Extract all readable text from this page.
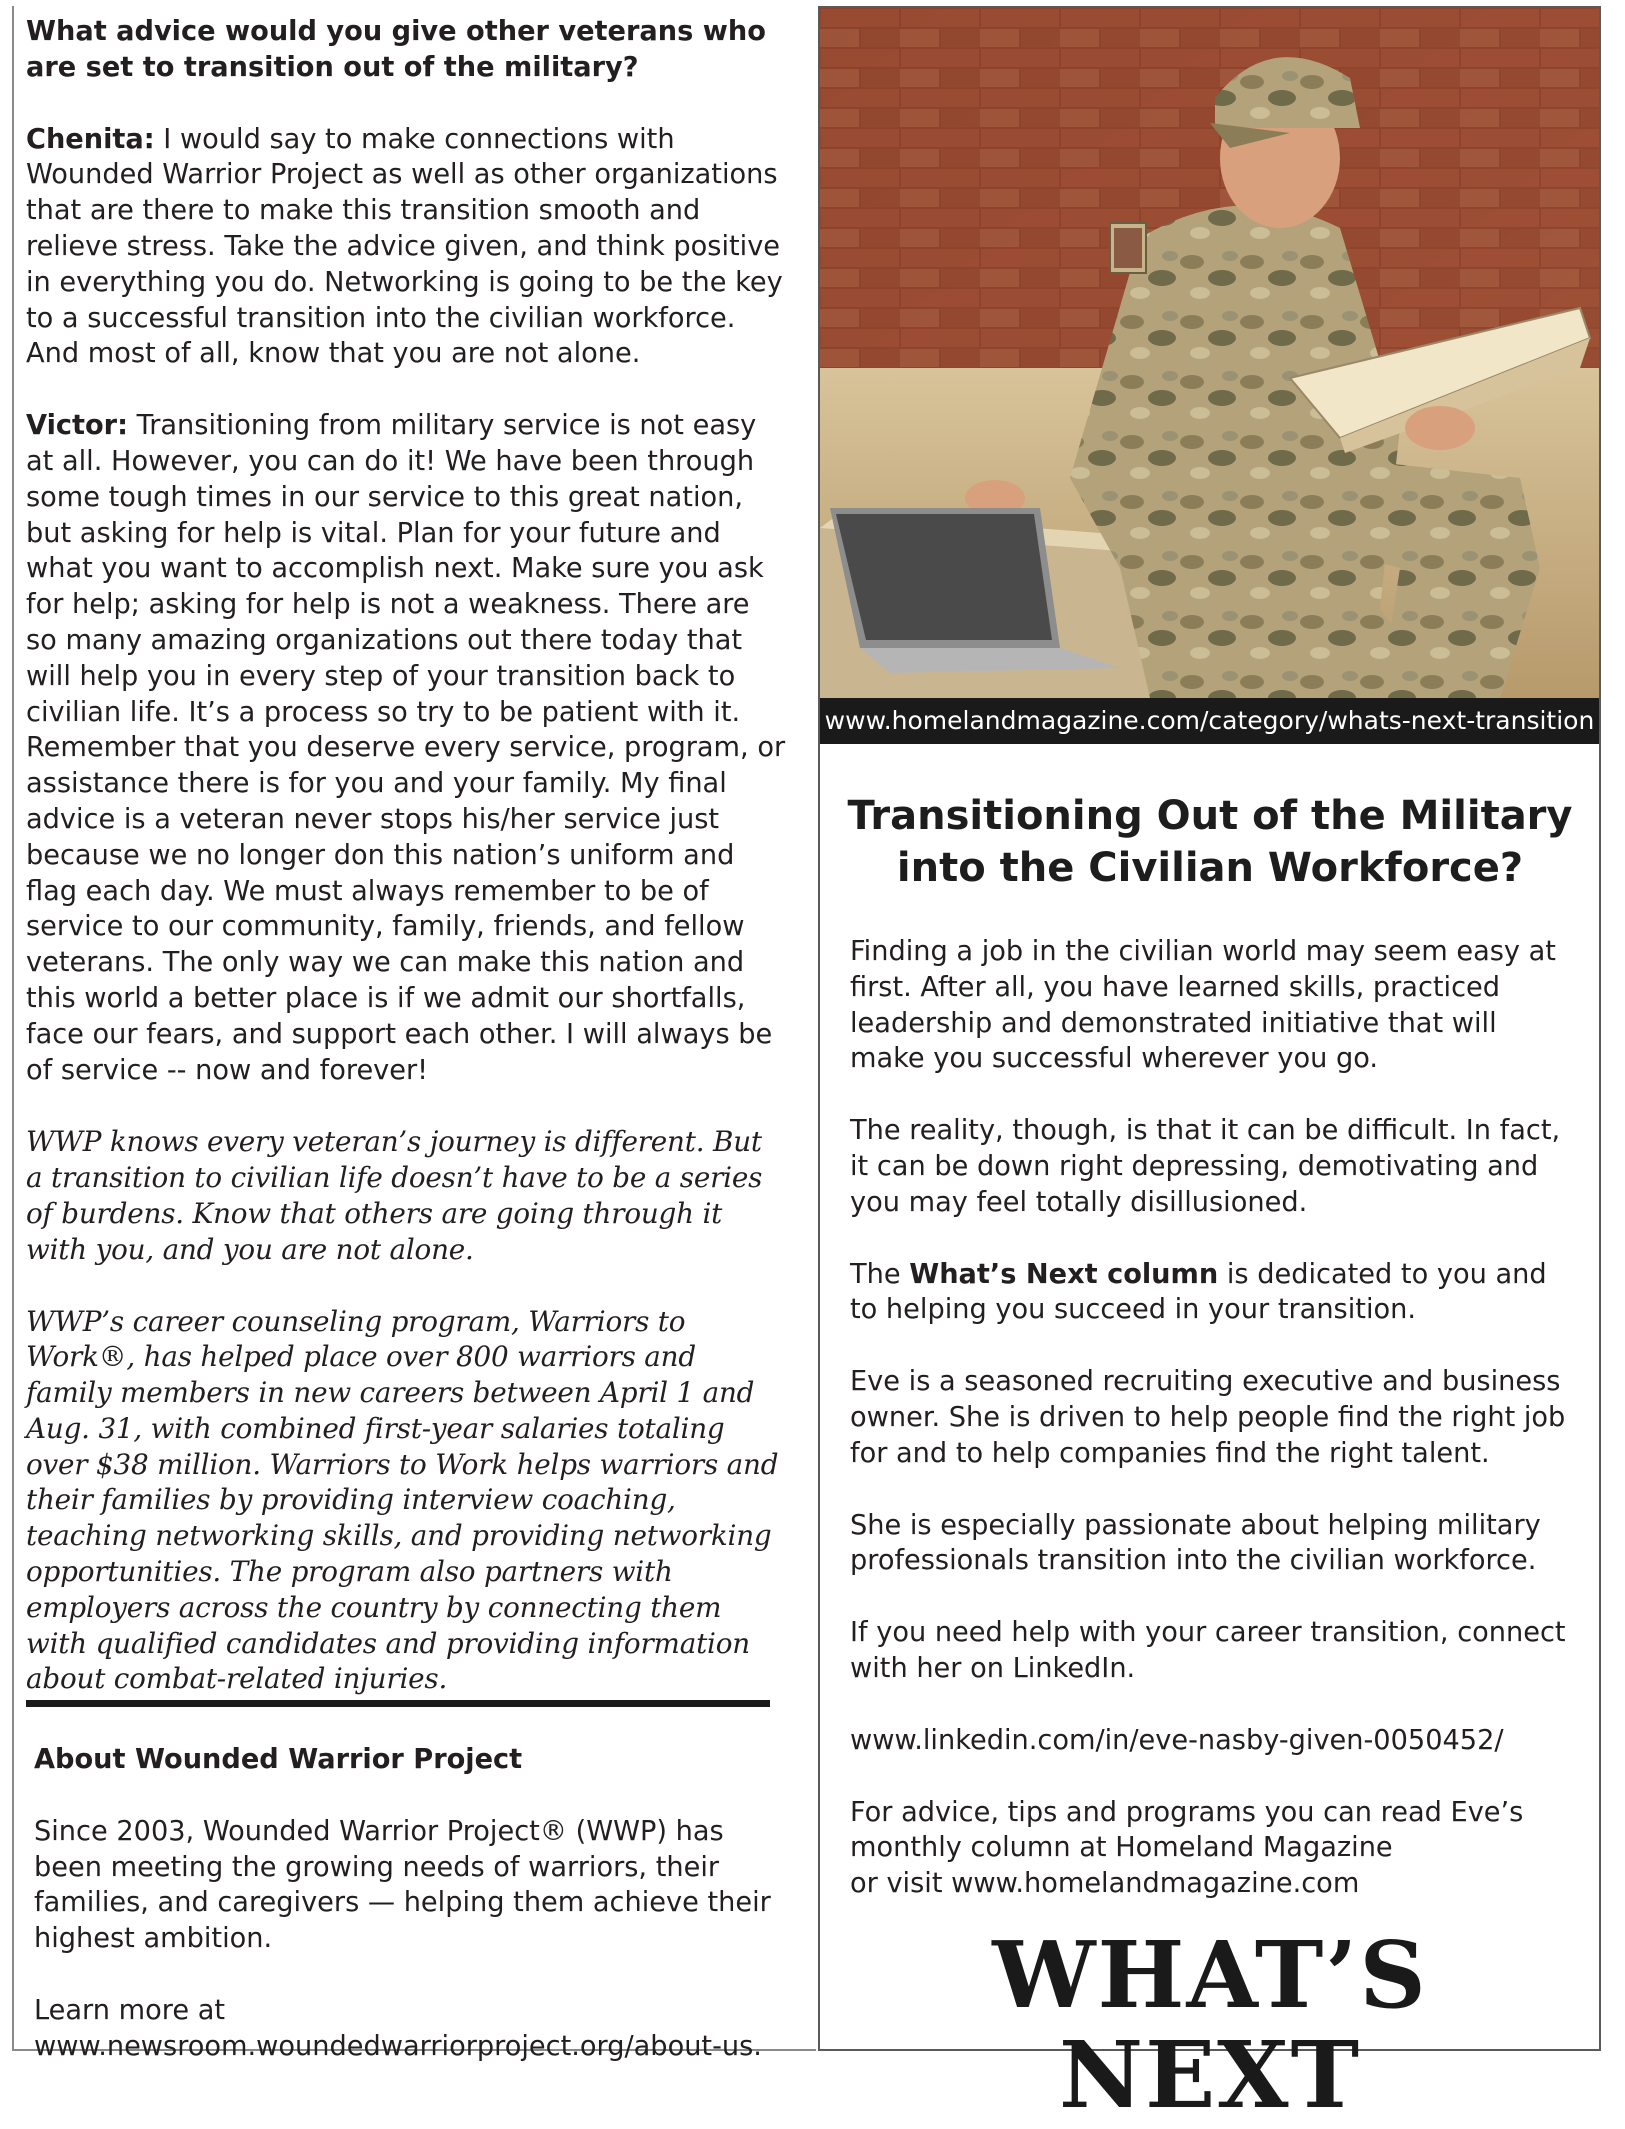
What advice would you give other veterans who are set to transition out of the military?

Chenita: I would say to make connections with Wounded Warrior Project as well as other organizations that are there to make this transition smooth and relieve stress. Take the advice given, and think positive in everything you do. Networking is going to be the key to a successful transition into the civilian workforce. And most of all, know that you are not alone.

Victor: Transitioning from military service is not easy at all. However, you can do it! We have been through some tough times in our service to this great nation, but asking for help is vital. Plan for your future and what you want to accomplish next. Make sure you ask for help; asking for help is not a weakness. There are so many amazing organizations out there today that will help you in every step of your transition back to civilian life. It’s a process so try to be patient with it. Remember that you deserve every service, program, or assistance there is for you and your family. My final advice is a veteran never stops his/her service just because we no longer don this nation’s uniform and flag each day. We must always remember to be of service to our community, family, friends, and fellow veterans. The only way we can make this nation and this world a better place is if we admit our shortfalls, face our fears, and support each other. I will always be of service -- now and forever!

WWP knows every veteran’s journey is different. But a transition to civilian life doesn’t have to be a series of burdens. Know that others are going through it with you, and you are not alone.

WWP’s career counseling program, Warriors to Work®, has helped place over 800 warriors and family members in new careers between April 1 and Aug. 31, with combined first-year salaries totaling over $38 million. Warriors to Work helps warriors and their families by providing interview coaching, teaching networking skills, and providing networking opportunities. The program also partners with employers across the country by connecting them with qualified candidates and providing information about combat-related injuries.

About Wounded Warrior Project

Since 2003, Wounded Warrior Project® (WWP) has been meeting the growing needs of warriors, their families, and caregivers — helping them achieve their highest ambition.

Learn more at
www.newsroom.woundedwarriorproject.org/about-us.

www.homelandmagazine.com/category/whats-next-transition
Transitioning Out of the Military
into the Civilian Workforce?

Finding a job in the civilian world may seem easy at first. After all, you have learned skills, practiced leadership and demonstrated initiative that will make you successful wherever you go.

The reality, though, is that it can be difficult. In fact, it can be down right depressing, demotivating and you may feel totally disillusioned.

The What’s Next column is dedicated to you and to helping you succeed in your transition.

Eve is a seasoned recruiting executive and business owner. She is driven to help people find the right job for and to help companies find the right talent.

She is especially passionate about helping military professionals transition into the civilian workforce.

If you need help with your career transition, connect with her on LinkedIn.

www.linkedin.com/in/eve-nasby-given-0050452/

For advice, tips and programs you can read Eve’s
monthly column at Homeland Magazine
or visit www.homelandmagazine.com

WHAT’S NEXT
